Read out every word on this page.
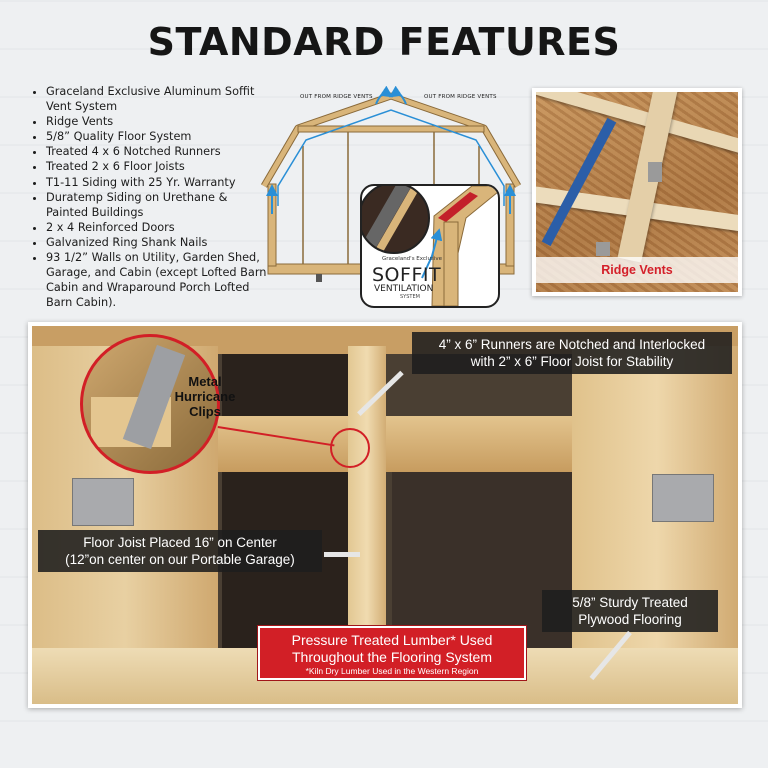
STANDARD FEATURES
• Graceland Exclusive Aluminum Soffit Vent System
• Ridge Vents
• 5/8” Quality Floor System
• Treated 4 x 6 Notched Runners
• Treated 2 x 6 Floor Joists
• T1-11 Siding with 25 Yr. Warranty
• Duratemp Siding on Urethane & Painted Buildings
• 2 x 4 Reinforced Doors
• Galvanized Ring Shank Nails
• 93 1/2” Walls on Utility, Garden Shed, Garage, and Cabin (except Lofted Barn Cabin and Wraparound Porch Lofted Barn Cabin).
OUT FROM RIDGE VENTS	OUT FROM RIDGE VENTS
Graceland's Exclusive
SOFFIT
VENTILATION
SYSTEM
Ridge Vents
Metal
Hurricane
Clips
4” x 6” Runners are Notched and Interlocked
with 2” x 6” Floor Joist for Stability
Floor Joist Placed 16” on Center
(12”on center on our Portable Garage)
5/8” Sturdy Treated
Plywood Flooring
Pressure Treated Lumber* Used
Throughout the Flooring System
*Kiln Dry Lumber Used in the Western Region
